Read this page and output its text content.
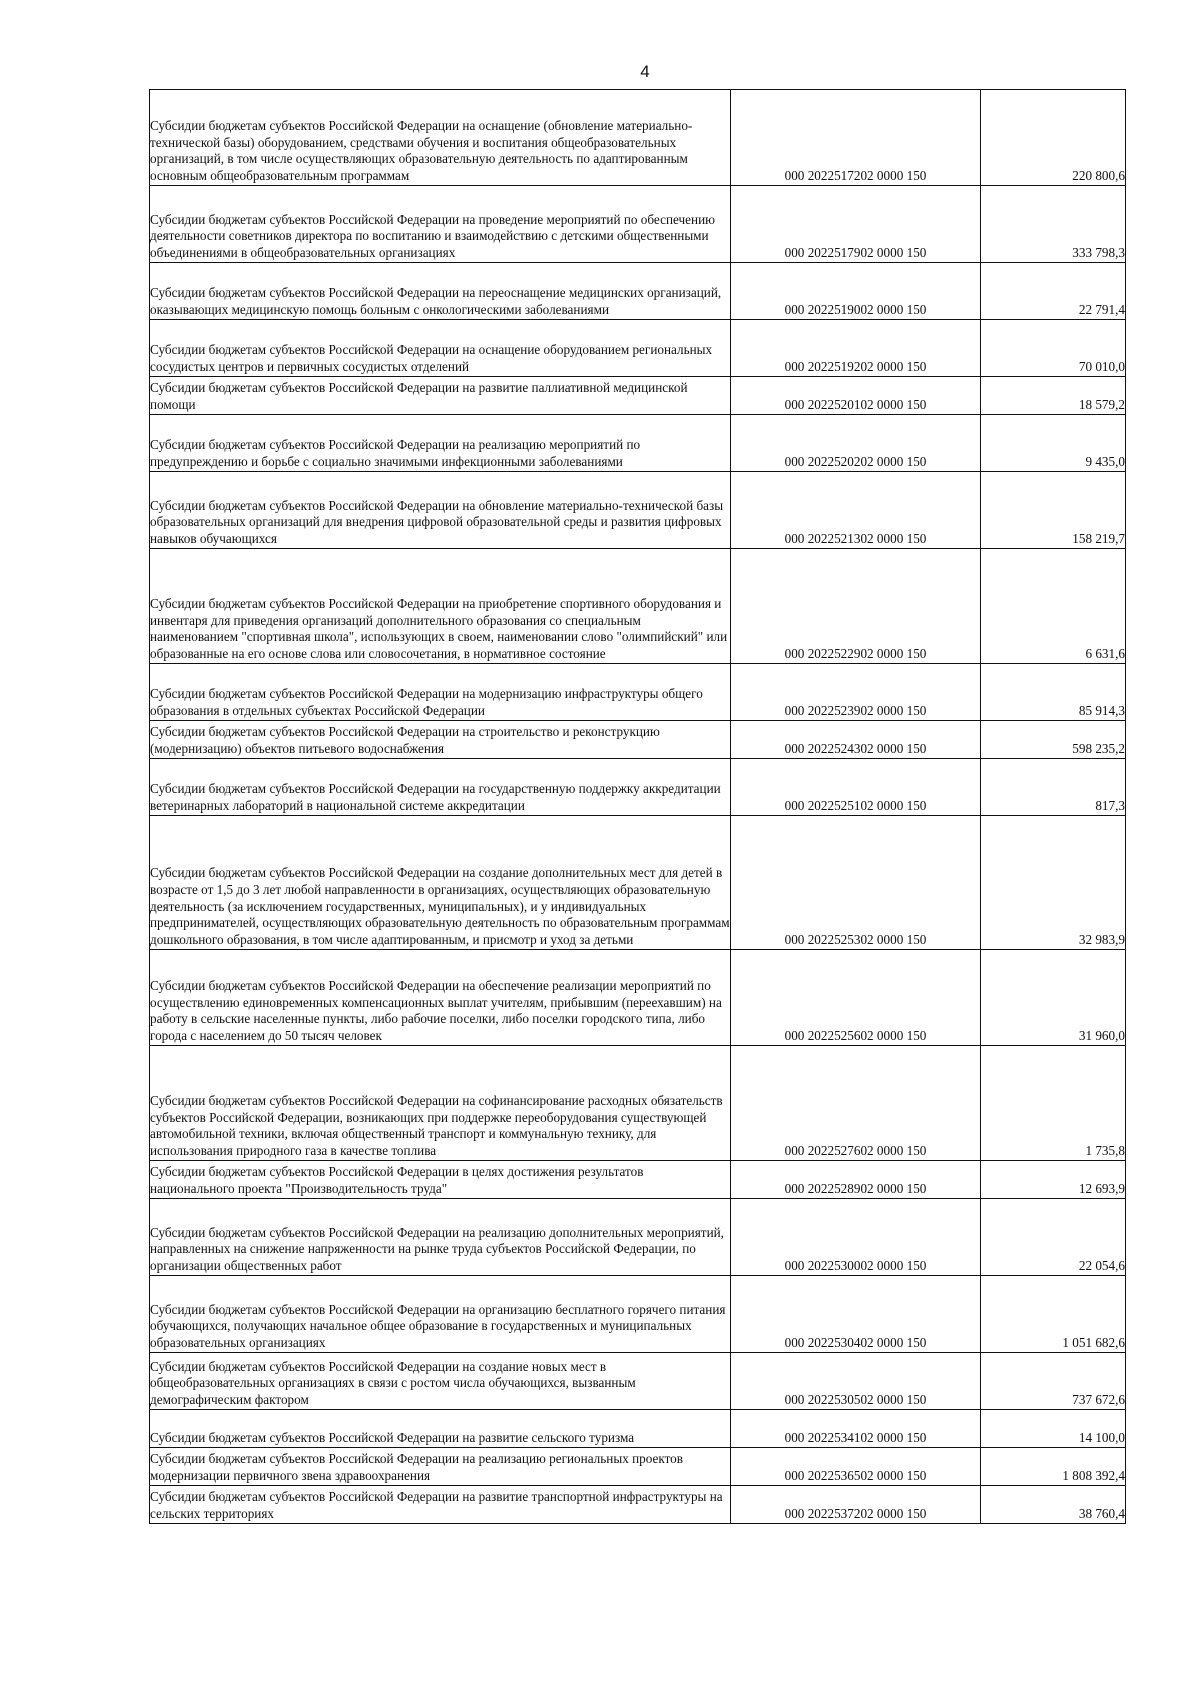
4
Субсидии бюджетам субъектов Российской Федерации на оснащение (обновление материально-технической базы) оборудованием, средствами обучения и воспитания общеобразовательных организаций, в том числе осуществляющих образовательную деятельность по адаптированным основным общеобразовательным программам	000 2022517202 0000 150	220 800,6
Субсидии бюджетам субъектов Российской Федерации на проведение мероприятий по обеспечению деятельности советников директора по воспитанию и взаимодействию с детскими общественными объединениями в общеобразовательных организациях	000 2022517902 0000 150	333 798,3
Субсидии бюджетам субъектов Российской Федерации на переоснащение медицинских организаций, оказывающих медицинскую помощь больным с онкологическими заболеваниями	000 2022519002 0000 150	22 791,4
Субсидии бюджетам субъектов Российской Федерации на оснащение оборудованием региональных сосудистых центров и первичных сосудистых отделений	000 2022519202 0000 150	70 010,0
Субсидии бюджетам субъектов Российской Федерации на развитие паллиативной медицинской помощи	000 2022520102 0000 150	18 579,2
Субсидии бюджетам субъектов Российской Федерации на реализацию мероприятий по предупреждению и борьбе с социально значимыми инфекционными заболеваниями	000 2022520202 0000 150	9 435,0
Субсидии бюджетам субъектов Российской Федерации на обновление материально-технической базы образовательных организаций для внедрения цифровой образовательной среды и развития цифровых навыков обучающихся	000 2022521302 0000 150	158 219,7
Субсидии бюджетам субъектов Российской Федерации на приобретение спортивного оборудования и инвентаря для приведения организаций дополнительного образования со специальным наименованием "спортивная школа", использующих в своем, наименовании слово "олимпийский" или образованные на его основе слова или словосочетания, в нормативное состояние	000 2022522902 0000 150	6 631,6
Субсидии бюджетам субъектов Российской Федерации на модернизацию инфраструктуры общего образования в отдельных субъектах Российской Федерации	000 2022523902 0000 150	85 914,3
Субсидии бюджетам субъектов Российской Федерации на строительство и реконструкцию (модернизацию) объектов питьевого водоснабжения	000 2022524302 0000 150	598 235,2
Субсидии бюджетам субъектов Российской Федерации на государственную поддержку аккредитации ветеринарных лабораторий в национальной системе аккредитации	000 2022525102 0000 150	817,3
Субсидии бюджетам субъектов Российской Федерации на создание дополнительных мест для детей в возрасте от 1,5 до 3 лет любой направленности в организациях, осуществляющих образовательную деятельность (за исключением государственных, муниципальных), и у индивидуальных предпринимателей, осуществляющих образовательную деятельность по образовательным программам дошкольного образования, в том числе адаптированным, и присмотр и уход за детьми	000 2022525302 0000 150	32 983,9
Субсидии бюджетам субъектов Российской Федерации на обеспечение реализации мероприятий по осуществлению единовременных компенсационных выплат учителям, прибывшим (переехавшим) на работу в сельские населенные пункты, либо рабочие поселки, либо поселки городского типа, либо города с населением до 50 тысяч человек	000 2022525602 0000 150	31 960,0
Субсидии бюджетам субъектов Российской Федерации на софинансирование расходных обязательств субъектов Российской Федерации, возникающих при поддержке переоборудования существующей автомобильной техники, включая общественный транспорт и коммунальную технику, для использования природного газа в качестве топлива	000 2022527602 0000 150	1 735,8
Субсидии бюджетам субъектов Российской Федерации в целях достижения результатов национального проекта "Производительность труда"	000 2022528902 0000 150	12 693,9
Субсидии бюджетам субъектов Российской Федерации на реализацию дополнительных мероприятий, направленных на снижение напряженности на рынке труда субъектов Российской Федерации, по организации общественных работ	000 2022530002 0000 150	22 054,6
Субсидии бюджетам субъектов Российской Федерации на организацию бесплатного горячего питания обучающихся, получающих начальное общее образование в государственных и муниципальных образовательных организациях	000 2022530402 0000 150	1 051 682,6
Субсидии бюджетам субъектов Российской Федерации на создание новых мест в общеобразовательных организациях в связи с ростом числа обучающихся, вызванным демографическим фактором	000 2022530502 0000 150	737 672,6
Субсидии бюджетам субъектов Российской Федерации на развитие сельского туризма	000 2022534102 0000 150	14 100,0
Субсидии бюджетам субъектов Российской Федерации на реализацию региональных проектов модернизации первичного звена здравоохранения	000 2022536502 0000 150	1 808 392,4
Субсидии бюджетам субъектов Российской Федерации на развитие транспортной инфраструктуры на сельских территориях	000 2022537202 0000 150	38 760,4
